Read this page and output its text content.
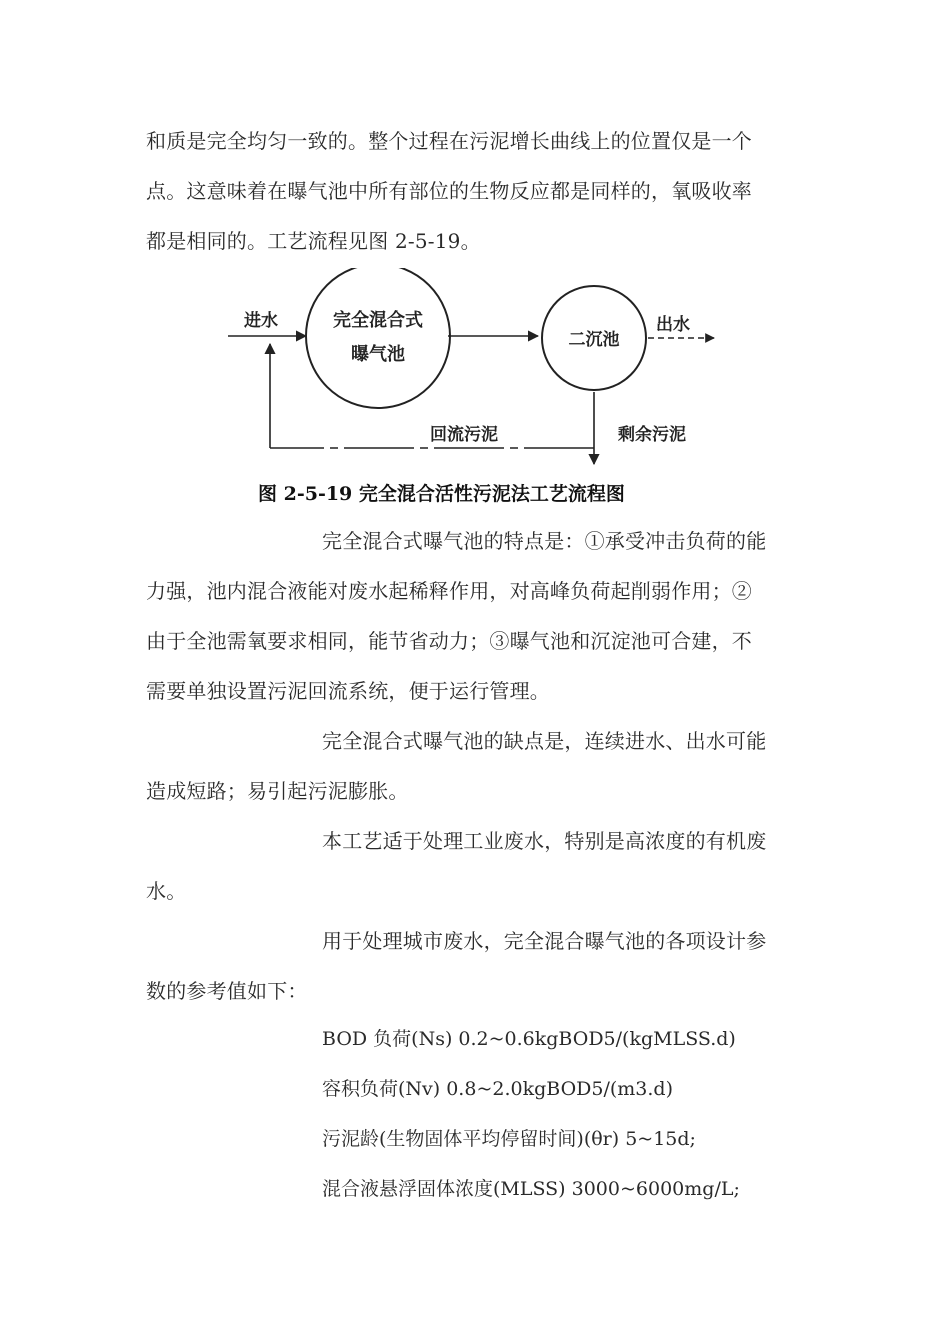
和质是完全均匀一致的。整个过程在污泥增长曲线上的位置仅是一个
点。这意味着在曝气池中所有部位的生物反应都是同样的，氧吸收率
都是相同的。工艺流程见图 2-5-19。
进水	完全混合式
曝气池
二沉池
出水
剩余污泥
回流污泥
图 2-5-19 完全混合活性污泥法工艺流程图
完全混合式曝气池的特点是：①承受冲击负荷的能
力强，池内混合液能对废水起稀释作用，对高峰负荷起削弱作用；②
由于全池需氧要求相同，能节省动力；③曝气池和沉淀池可合建，不
需要单独设置污泥回流系统，便于运行管理。
完全混合式曝气池的缺点是，连续进水、出水可能
造成短路；易引起污泥膨胀。
本工艺适于处理工业废水，特别是高浓度的有机废
水。
用于处理城市废水，完全混合曝气池的各项设计参
数的参考值如下：
BOD 负荷(Ns) 0.2~0.6kgBOD5/(kgMLSS.d)
容积负荷(Nv) 0.8~2.0kgBOD5/(m3.d)
污泥龄(生物固体平均停留时间)(θr) 5~15d;
混合液悬浮固体浓度(MLSS) 3000~6000mg/L;
